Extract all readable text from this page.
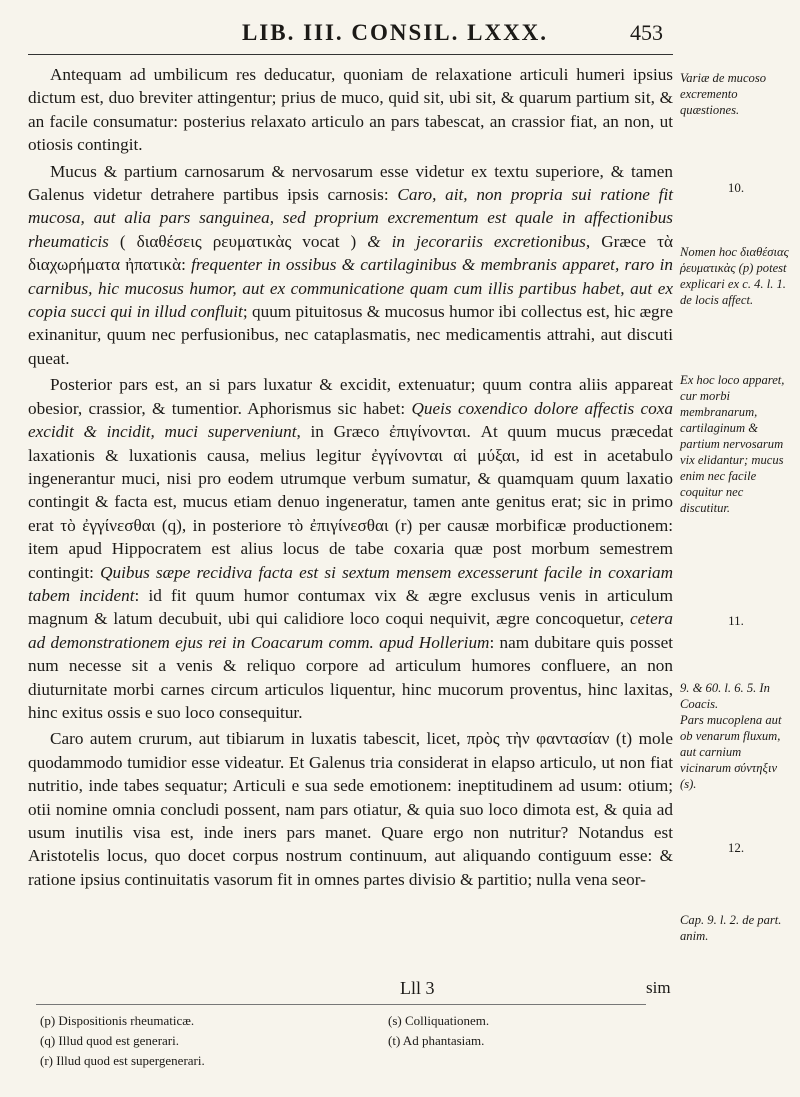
LIB. III. CONSIL. LXXX.	453

Antequam ad umbilicum res deducatur, quoniam de relaxatione articuli humeri ipsius dictum est, duo breviter attingentur; prius de muco, quid sit, ubi sit, & quarum partium sit, & an facile consumatur: posterius relaxato articulo an pars tabescat, an crassior fiat, an non, ut otiosis contingit.

Mucus & partium carnosarum & nervosarum esse videtur ex textu superiore, & tamen Galenus videtur detrahere partibus ipsis carnosis: Caro, ait, non propria sui ratione fit mucosa, aut alia pars sanguinea, sed proprium excrementum est quale in affectionibus rheumaticis ( διαθέσεις ρευματικὰς vocat ) & in jecorariis excretionibus, Græce τὰ διαχωρήματα ἠπατικὰ: frequenter in ossibus & cartilaginibus & membranis apparet, raro in carnibus, hic mucosus humor, aut ex communicatione quam cum illis partibus habet, aut ex copia succi qui in illud confluit; quum pituitosus & mucosus humor ibi collectus est, hic ægre exinanitur, quum nec perfusionibus, nec cataplasmatis, nec medicamentis attrahi, aut discuti queat.

Posterior pars est, an si pars luxatur & excidit, extenuatur; quum contra aliis appareat obesior, crassior, & tumentior. Aphorismus sic habet: Queis coxendico dolore affectis coxa excidit & incidit, muci superveniunt, in Græco ἐπιγίνονται. At quum mucus præcedat laxationis & luxationis causa, melius legitur ἐγγίνονται αἱ μύξαι, id est in acetabulo ingenerantur muci, nisi pro eodem utrumque verbum sumatur, & quamquam quum laxatio contingit & facta est, mucus etiam denuo ingeneratur, tamen ante genitus erat; sic in primo erat τὸ ἐγγίνεσθαι (q), in posteriore τὸ ἐπιγίνεσθαι (r) per causæ morbificæ productionem: item apud Hippocratem est alius locus de tabe coxaria quæ post morbum semestrem contingit: Quibus sæpe recidiva facta est si sextum mensem excesserunt facile in coxariam tabem incident: id fit quum humor contumax vix & ægre exclusus venis in articulum magnum & latum decubuit, ubi qui calidiore loco coqui nequivit, ægre concoquetur, cetera ad demonstrationem ejus rei in Coacarum comm. apud Hollerium: nam dubitare quis posset num necesse sit a venis & reliquo corpore ad articulum humores confluere, an non diuturnitate morbi carnes circum articulos liquentur, hinc mucorum proventus, hinc laxitas, hinc exitus ossis e suo loco consequitur.

Caro autem crurum, aut tibiarum in luxatis tabescit, licet, πρὸς τὴν φαντασίαν (t) mole quodammodo tumidior esse videatur. Et Galenus tria considerat in elapso articulo, ut non fiat nutritio, inde tabes sequatur; Articuli e sua sede emotionem: ineptitudinem ad usum: otium; otii nomine omnia concludi possent, nam pars otiatur, & quia suo loco dimota est, & quia ad usum inutilis visa est, inde iners pars manet. Quare ergo non nutritur? Notandus est Aristotelis locus, quo docet corpus nostrum continuum, aut aliquando contiguum esse: & ratione ipsius continuitatis vasorum fit in omnes partes divisio & partitio; nulla vena seor-

Variæ de mucoso excremento quæstiones.
Nomen hoc διαθέσιας ῥευματικὰς (p) potest explicari ex c. 4. l. 1. de locis affect.
Ex hoc loco apparet, cur morbi membranarum, cartilaginum & partium nervosarum vix elidantur; mucus enim nec facile coquitur nec discutitur.
9. & 60. l. 6. 5. In Coacis.
Pars mucoplena aut ob venarum fluxum, aut carnium vicinarum σύντηξιν (s).
Cap. 9. l. 2. de part. anim.
10.
11.
12.
Lll 3	sim
(p) Dispositionis rheumaticæ.
(q) Illud quod est generari.
(r) Illud quod est supergenerari.
(s) Colliquationem.
(t) Ad phantasiam.
